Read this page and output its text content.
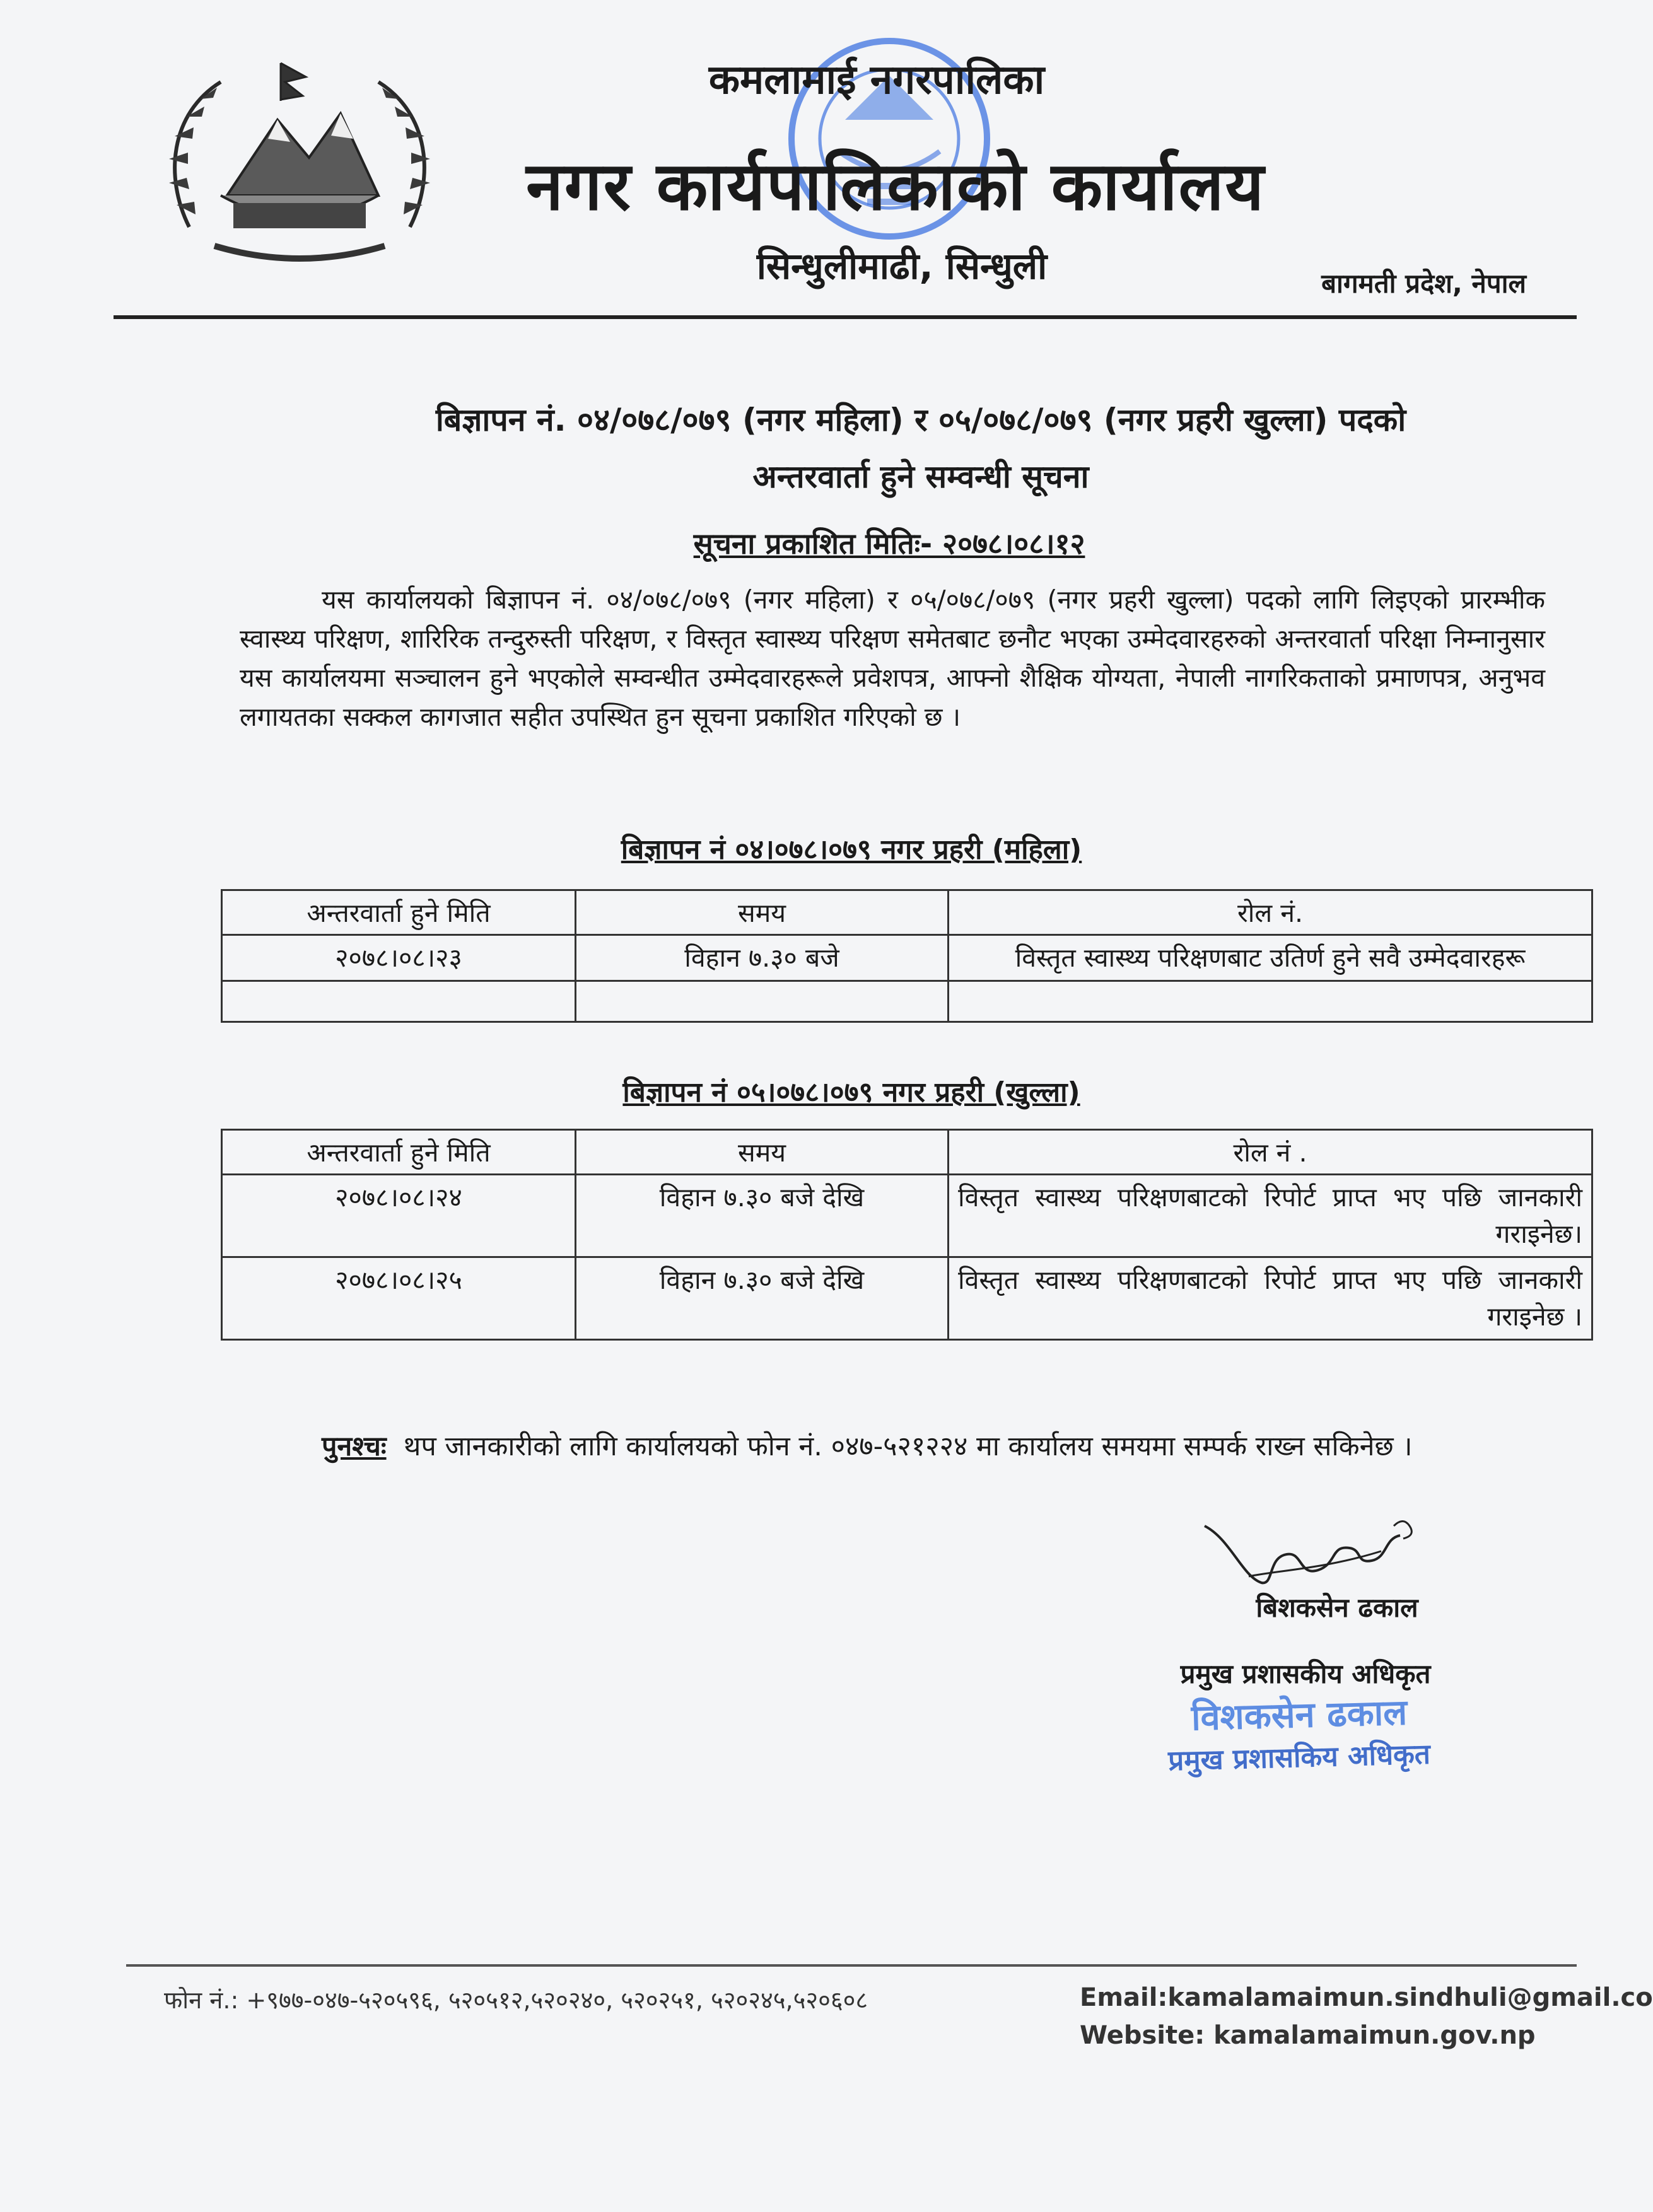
कमलामाई नगरपालिका
नगर कार्यपालिकाको कार्यालय
सिन्धुलीमाढी, सिन्धुली	बागमती प्रदेश, नेपाल
बिज्ञापन नं. ०४/०७८/०७९ (नगर महिला) र ०५/०७८/०७९ (नगर प्रहरी खुल्ला) पदको
अन्तरवार्ता हुने सम्वन्धी सूचना
सूचना प्रकाशित मितिः- २०७८।०८।१२
यस कार्यालयको बिज्ञापन नं. ०४/०७८/०७९ (नगर महिला) र ०५/०७८/०७९ (नगर प्रहरी खुल्ला) पदको लागि लिइएको प्रारम्भीक स्वास्थ्य परिक्षण, शारिरिक तन्दुरुस्ती परिक्षण, र विस्तृत स्वास्थ्य परिक्षण समेतबाट छनौट भएका उम्मेदवारहरुको अन्तरवार्ता परिक्षा निम्नानुसार यस कार्यालयमा सञ्चालन हुने भएकोले सम्वन्धीत उम्मेदवारहरूले प्रवेशपत्र, आफ्नो शैक्षिक योग्यता, नेपाली नागरिकताको प्रमाणपत्र, अनुभव लगायतका सक्कल कागजात सहीत उपस्थित हुन सूचना प्रकाशित गरिएको छ ।
बिज्ञापन नं ०४।०७८।०७९ नगर प्रहरी (महिला)
अन्तरवार्ता हुने मिति	समय	रोल नं.
२०७८।०८।२३	विहान ७.३० बजे	विस्तृत स्वास्थ्य परिक्षणबाट उतिर्ण हुने सवै उम्मेदवारहरू

बिज्ञापन नं ०५।०७८।०७९ नगर प्रहरी (खुल्ला)
अन्तरवार्ता हुने मिति	समय	रोल नं .
२०७८।०८।२४	विहान ७.३० बजे देखि	विस्तृत स्वास्थ्य परिक्षणबाटको रिपोर्ट प्राप्त भए पछि जानकारी गराइनेछ।
२०७८।०८।२५	विहान ७.३० बजे देखि	विस्तृत स्वास्थ्य परिक्षणबाटको रिपोर्ट प्राप्त भए पछि जानकारी गराइनेछ ।
पुनश्चः थप जानकारीको लागि कार्यालयको फोन नं. ०४७-५२१२२४ मा कार्यालय समयमा सम्पर्क राख्न सकिनेछ ।
बिशकसेन ढकाल
प्रमुख प्रशासकीय अधिकृत
विशकसेन ढकाल
प्रमुख प्रशासकिय अधिकृत
फोन नं.: +९७७-०४७-५२०५९६, ५२०५१२,५२०२४०, ५२०२५१, ५२०२४५,५२०६०८	Email:kamalamaimun.sindhuli@gmail.co
Website: kamalamaimun.gov.np
